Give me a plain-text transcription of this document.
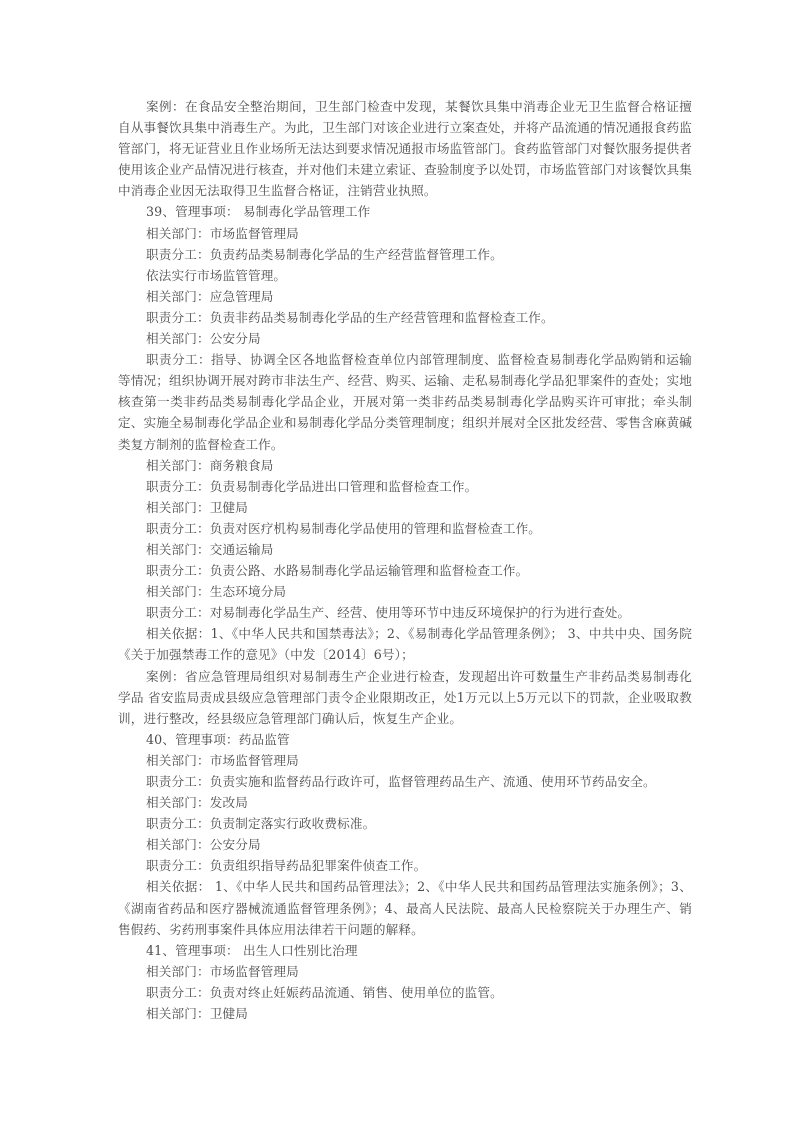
案例：在食品安全整治期间，卫生部门检查中发现，某餐饮具集中消毒企业无卫生监督合格证擅自从事餐饮具集中消毒生产。为此，卫生部门对该企业进行立案查处，并将产品流通的情况通报食药监管部门，将无证营业且作业场所无法达到要求情况通报市场监管部门。食药监管部门对餐饮服务提供者使用该企业产品情况进行核查，并对他们未建立索证、查验制度予以处罚，市场监管部门对该餐饮具集中消毒企业因无法取得卫生监督合格证，注销营业执照。

39、管理事项： 易制毒化学品管理工作

相关部门：市场监督管理局

职责分工：负责药品类易制毒化学品的生产经营监督管理工作。

依法实行市场监管管理。

相关部门：应急管理局

职责分工：负责非药品类易制毒化学品的生产经营管理和监督检查工作。

相关部门：公安分局

职责分工：指导、协调全区各地监督检查单位内部管理制度、监督检查易制毒化学品购销和运输等情况；组织协调开展对跨市非法生产、经营、购买、运输、走私易制毒化学品犯罪案件的查处；实地核查第一类非药品类易制毒化学品企业，开展对第一类非药品类易制毒化学品购买许可审批；牵头制定、实施全易制毒化学品企业和易制毒化学品分类管理制度；组织并展对全区批发经营、零售含麻黄碱类复方制剂的监督检查工作。

相关部门：商务粮食局

职责分工：负责易制毒化学品进出口管理和监督检查工作。

相关部门：卫健局

职责分工：负责对医疗机构易制毒化学品使用的管理和监督检查工作。

相关部门：交通运输局

职责分工：负责公路、水路易制毒化学品运输管理和监督检查工作。

相关部门：生态环境分局

职责分工：对易制毒化学品生产、经营、使用等环节中违反环境保护的行为进行查处。

相关依据：1、《中华人民共和国禁毒法》；2、《易制毒化学品管理条例》； 3、中共中央、国务院《关于加强禁毒工作的意见》（中发〔2014〕6号）；

案例：省应急管理局组织对易制毒生产企业进行检查，发现超出许可数量生产非药品类易制毒化学品 省安监局责成县级应急管理部门责令企业限期改正，处1万元以上5万元以下的罚款，企业吸取教训，进行整改，经县级应急管理部门确认后，恢复生产企业。

40、管理事项：药品监管

相关部门：市场监督管理局

职责分工：负责实施和监督药品行政许可，监督管理药品生产、流通、使用环节药品安全。

相关部门：发改局

职责分工：负责制定落实行政收费标准。

相关部门：公安分局

职责分工：负责组织指导药品犯罪案件侦查工作。

相关依据： 1、《中华人民共和国药品管理法》；2、《中华人民共和国药品管理法实施条例》；3、《湖南省药品和医疗器械流通监督管理条例》；4、最高人民法院、最高人民检察院关于办理生产、销售假药、劣药刑事案件具体应用法律若干问题的解释。

41、管理事项： 出生人口性别比治理

相关部门：市场监督管理局

职责分工：负责对终止妊娠药品流通、销售、使用单位的监管。

相关部门：卫健局
